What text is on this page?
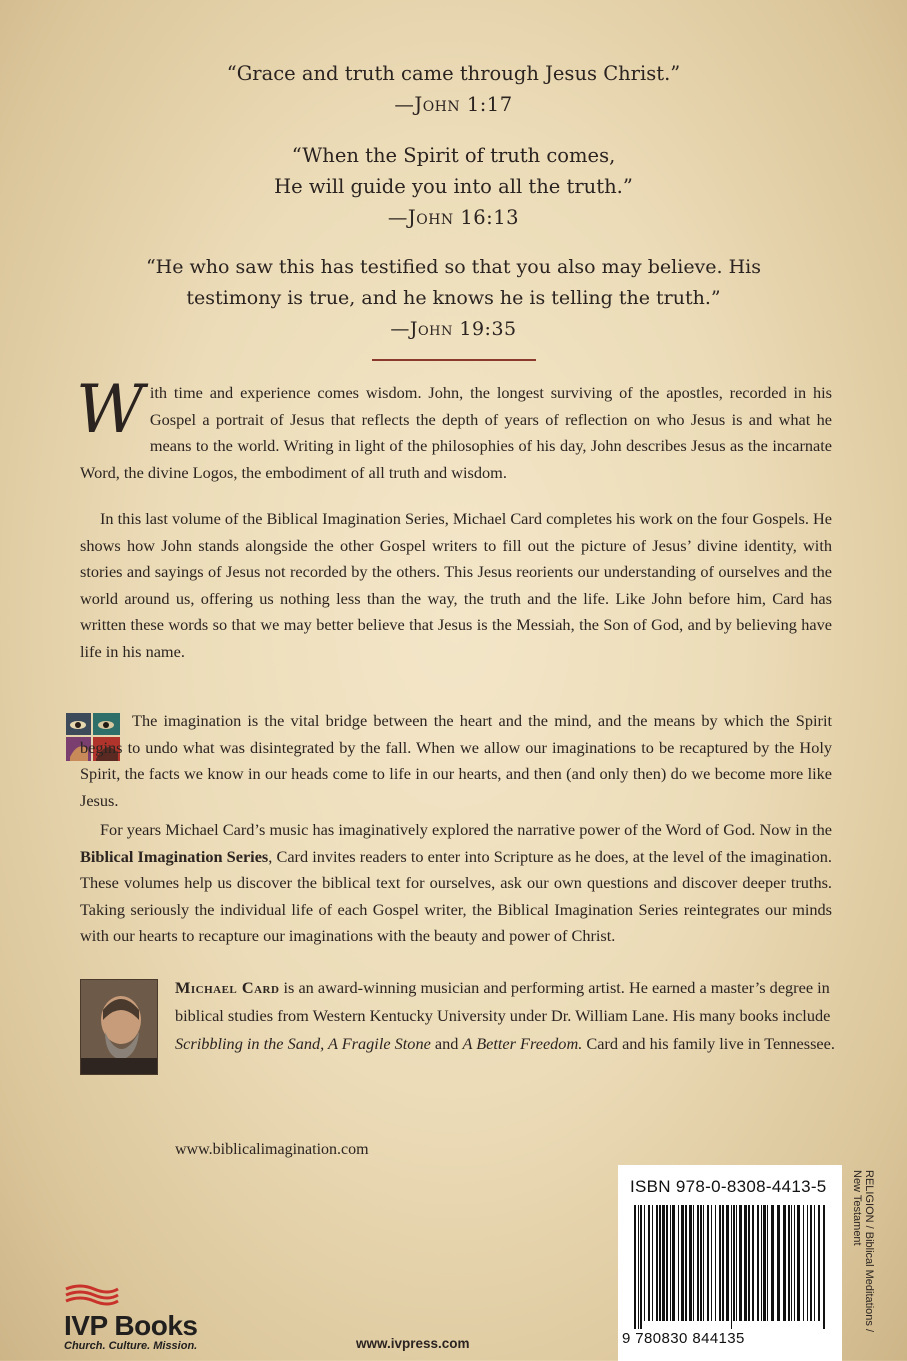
“Grace and truth came through Jesus Christ.”
—John 1:17
“When the Spirit of truth comes,
He will guide you into all the truth.”
—John 16:13
“He who saw this has testified so that you also may believe. His
testimony is true, and he knows he is telling the truth.”
—John 19:35

With time and experience comes wisdom. John, the longest surviving of the apostles, recorded in his Gospel a portrait of Jesus that reflects the depth of years of reflection on who Jesus is and what he means to the world. Writing in light of the philosophies of his day, John describes Jesus as the incarnate Word, the divine Logos, the embodiment of all truth and wisdom.

In this last volume of the Biblical Imagination Series, Michael Card completes his work on the four Gospels. He shows how John stands alongside the other Gospel writers to fill out the picture of Jesus’ divine identity, with stories and sayings of Jesus not recorded by the others. This Jesus reorients our understanding of ourselves and the world around us, offering us nothing less than the way, the truth and the life. Like John before him, Card has written these words so that we may better believe that Jesus is the Messiah, the Son of God, and by believing have life in his name.

The imagination is the vital bridge between the heart and the mind, and the means by which the Spirit begins to undo what was disintegrated by the fall. When we allow our imaginations to be recaptured by the Holy Spirit, the facts we know in our heads come to life in our hearts, and then (and only then) do we become more like Jesus.

For years Michael Card’s music has imaginatively explored the narrative power of the Word of God. Now in the Biblical Imagination Series, Card invites readers to enter into Scripture as he does, at the level of the imagination. These volumes help us discover the biblical text for ourselves, ask our own questions and discover deeper truths. Taking seriously the individual life of each Gospel writer, the Biblical Imagination Series reintegrates our minds with our hearts to recapture our imaginations with the beauty and power of Christ.

Michael Card is an award-winning musician and performing artist. He earned a master’s degree in biblical studies from Western Kentucky University under Dr. William Lane. His many books include Scribbling in the Sand, A Fragile Stone and A Better Freedom. Card and his family live in Tennessee.

www.biblicalimagination.com
ISBN 978-0-8308-4413-5
9 780830 844135
RELIGION / Biblical Meditations /
New Testament
IVP Books
Church. Culture. Mission.	www.ivpress.com
